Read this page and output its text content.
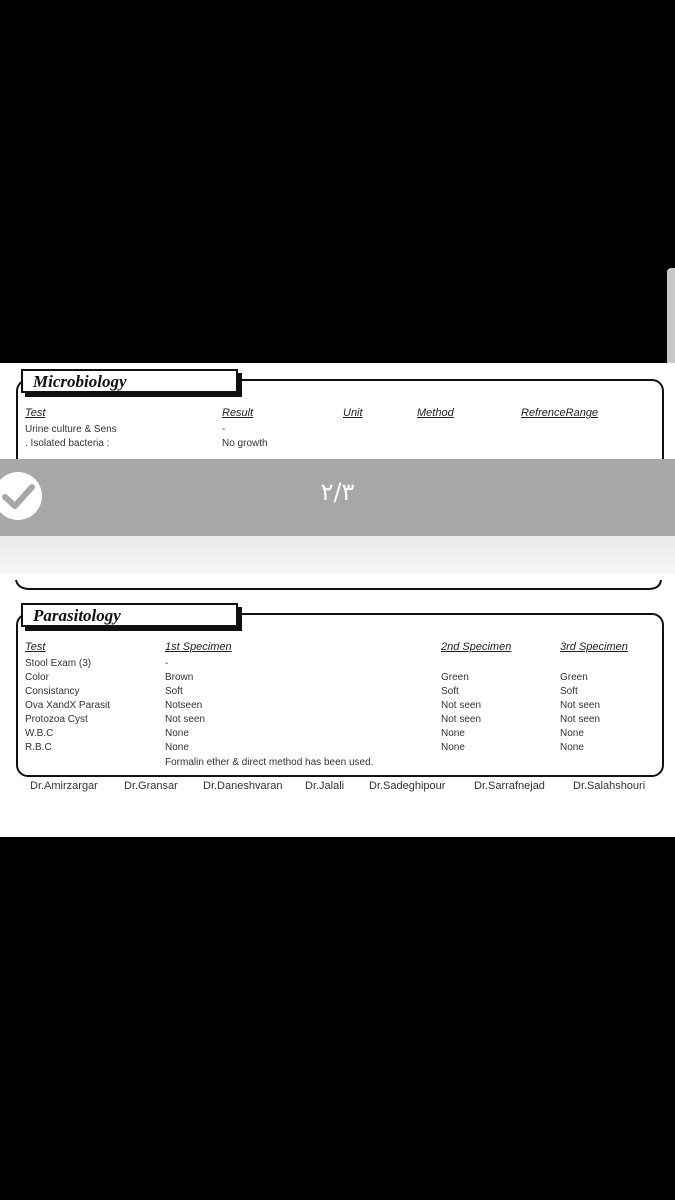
Microbiology
Test	Result	Unit	Method	RefrenceRange
Urine culture & Sens	-
. Isolated bacteria :	No growth
۲/۳
Parasitology
Test	1st Specimen	2nd Specimen	3rd Specimen
Stool Exam (3)	-
Color	Brown	Green	Green
Consistancy	Soft	Soft	Soft
Ova XandX Parasit	Notseen	Not seen	Not seen
Protozoa Cyst	Not seen	Not seen	Not seen
W.B.C	None	None	None
R.B.C	None	None	None
Formalin ether & direct method has been used.
Dr.Amirzargar Dr.Gransar Dr.Daneshvaran Dr.Jalali Dr.Sadeghipour	Dr.Sarrafnejad	Dr.Salahshouri
